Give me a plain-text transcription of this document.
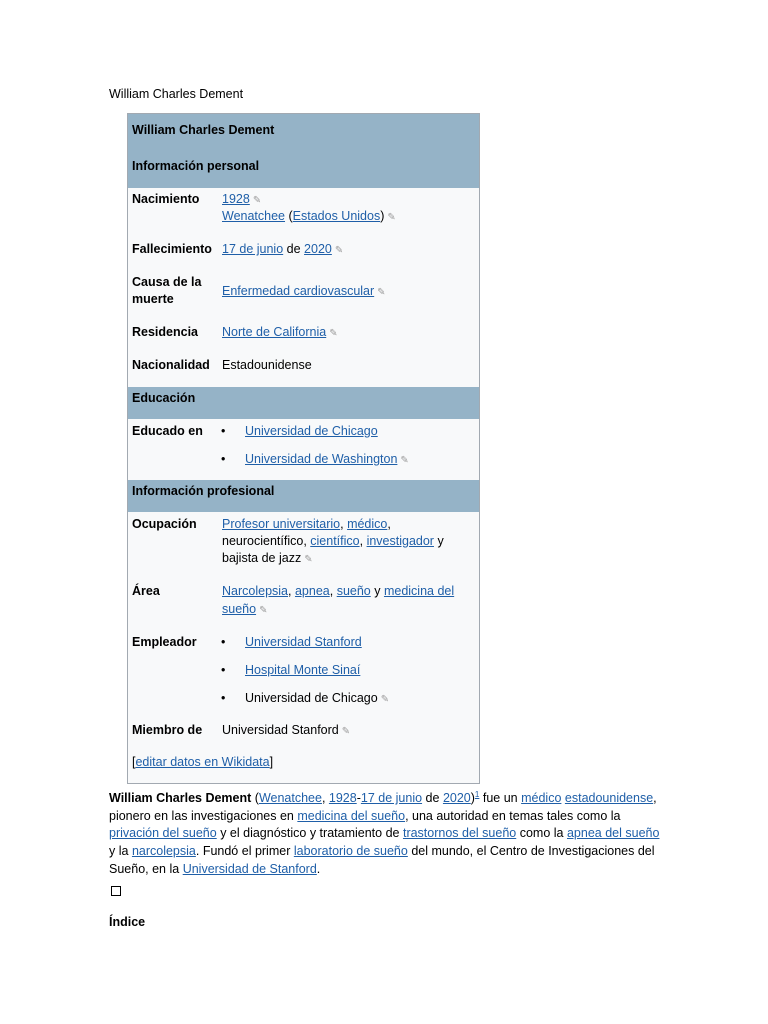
William Charles Dement
William Charles Dement
Información personal
Nacimiento 1928 ✎
Wenatchee (Estados Unidos) ✎
Fallecimiento 17 de junio de 2020 ✎
Causa de la
muerte
Enfermedad cardiovascular ✎
Residencia Norte de California ✎
Nacionalidad Estadounidense
Educación
Educado en	• Universidad de Chicago
• Universidad de Washington ✎
Información profesional
Ocupación Profesor universitario, médico,
neurocientífico, científico, investigador y
bajista de jazz ✎
Área	Narcolepsia, apnea, sueño y medicina del
sueño ✎
Empleador	• Universidad Stanford
• Hospital Monte Sinaí
• Universidad de Chicago ✎
Miembro de Universidad Stanford ✎
[editar datos en Wikidata]
William Charles Dement (Wenatchee, 1928-17 de junio de 2020)$^1$ fue un médico estadounidense, pionero en las investigaciones en medicina del sueño, una autoridad en temas tales como la privación del sueño y el diagnóstico y tratamiento de trastornos del sueño como la apnea del sueño y la narcolepsia. Fundó el primer laboratorio de sueño del mundo, el Centro de Investigaciones del Sueño, en la Universidad de Stanford.
Índice
